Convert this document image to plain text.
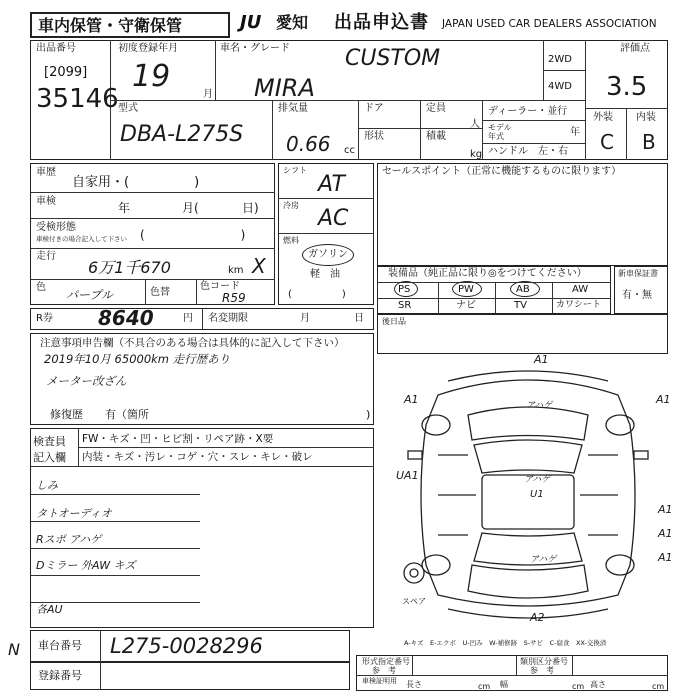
車内保管・守衛保管	JU 愛知 出品申込書 JAPAN USED CAR DEALERS ASSOCIATION
出品番号
[2099]
35146
初度登録年月
19
月
車名・グレード	CUSTOM
MIRA
2WD
4WD
評価点
3.5
外装 内装
C B
型式
DBA-L275S
排気量
0.66 cc
ドア
形状
定員
人
積載
kg
ディーラー・並行
モデル
年式	年
ハンドル　左・右
車歴
自家用・(　　　　　)
車検	年	月(	日)
受検形態
車検付きの場合記入して下さい (　　　　　　　　)
走行
6万1千670	km X
色
パープル	色替
色コード
R59
シフト
AT
冷房
AC
燃料
ガソリン
軽　油
(　　　　　)
セールスポイント（正常に機能するものに限ります）
装備品（純正品に限り◎をつけてください）
PS	PW	AB	AW
SR	ナビ	TV	カワシート
新車保証書
有・無
R券 8640	円 名変期限	月	日
注意事項申告欄（不具合のある場合は具体的に記入して下さい）
2019年10月 65000km 走行歴あり
メーター改ざん
修復歴　　有（箇所	)
後日品
検査員
記入欄
FW・キズ・凹・ヒビ割・リペア跡・X要
内装・キズ・汚レ・コゲ・穴・スレ・キレ・破レ
しみ
タトオーディオ
Rスポ アハゲ
Dミラー 外AW キズ
各AU
A1
A1	A1
UA1
アハゲ
アハゲ
U1
A1
A1
A1
A2
アハゲ
スペア
A-キズ　E-エクボ　U-凹み　W-補修跡　S-サビ　C-腐食　XX-交換済
車台番号 L275-0028296
登録番号
形式指定番号
参　考
類別区分番号
参　考
車検証明用 長さ	cm 幅	cm 高さ	cm
N
